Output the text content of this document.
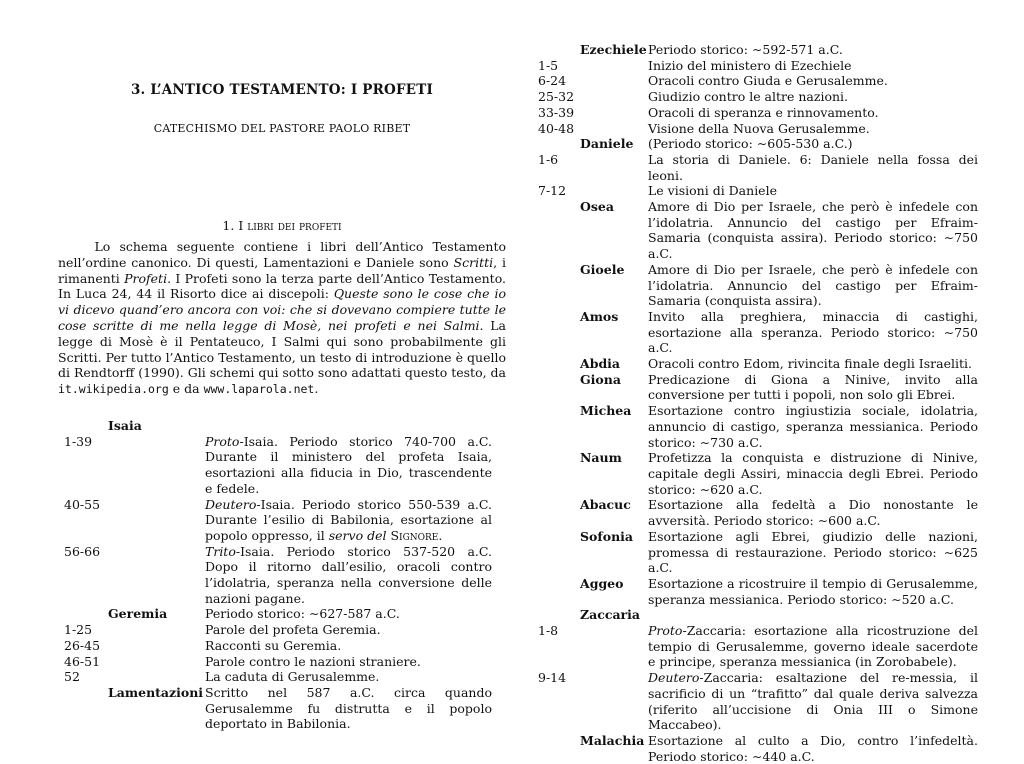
3. L’ANTICO TESTAMENTO: I PROFETI
CATECHISMO DEL PASTORE PAOLO RIBET
1. I libri dei profeti
Lo schema seguente contiene i libri dell’Antico Testamento nell’ordine canonico. Di questi, Lamentazioni e Daniele sono Scritti, i rimanenti Profeti. I Profeti sono la terza parte dell’Antico Testamento. In Luca 24, 44 il Risorto dice ai discepoli: Queste sono le cose che io vi dicevo quand’ero ancora con voi: che si dovevano compiere tutte le cose scritte di me nella legge di Mosè, nei profeti e nei Salmi. La legge di Mosè è il Pentateuco, I Salmi qui sono probabilmente gli Scritti. Per tutto l’Antico Testamento, un testo di introduzione è quello di Rendtorff (1990). Gli schemi qui sotto sono adattati questo testo, da it.wikipedia.org e da www.laparola.net.
	Isaia	
1-39		Proto-Isaia. Periodo storico 740-700 a.C. Durante il ministero del profeta Isaia, esortazioni alla fiducia in Dio, trascendente e fedele.
40-55		Deutero-Isaia. Periodo storico 550-539 a.C. Durante l’esilio di Babilonia, esortazione al popolo oppresso, il servo del Signore.
56-66		Trito-Isaia. Periodo storico 537-520 a.C. Dopo il ritorno dall’esilio, oracoli contro l’idolatria, speranza nella conversione delle nazioni pagane.
	Geremia	Periodo storico: ∼627-587 a.C.
1-25		Parole del profeta Geremia.
26-45		Racconti su Geremia.
46-51		Parole contro le nazioni straniere.
52		La caduta di Gerusalemme.
	Lamentazioni	Scritto nel 587 a.C. circa quando Gerusalemme fu distrutta e il popolo deportato in Babilonia.
	Ezechiele	Periodo storico: ∼592-571 a.C.
1-5		Inizio del ministero di Ezechiele
6-24		Oracoli contro Giuda e Gerusalemme.
25-32		Giudizio contro le altre nazioni.
33-39		Oracoli di speranza e rinnovamento.
40-48		Visione della Nuova Gerusalemme.
	Daniele	(Periodo storico: ∼605-530 a.C.)
1-6		La storia di Daniele. 6: Daniele nella fossa dei leoni.
7-12		Le visioni di Daniele
	Osea	Amore di Dio per Israele, che però è infedele con l’idolatria. Annuncio del castigo per Efraim-Samaria (conquista assira). Periodo storico: ∼750 a.C.
	Gioele	Amore di Dio per Israele, che però è infedele con l’idolatria. Annuncio del castigo per Efraim-Samaria (conquista assira).
	Amos	Invito alla preghiera, minaccia di castighi, esortazione alla speranza. Periodo storico: ∼750 a.C.
	Abdia	Oracoli contro Edom, rivincita finale degli Israeliti.
	Giona	Predicazione di Giona a Ninive, invito alla conversione per tutti i popoli, non solo gli Ebrei.
	Michea	Esortazione contro ingiustizia sociale, idolatria, annuncio di castigo, speranza messianica. Periodo storico: ∼730 a.C.
	Naum	Profetizza la conquista e distruzione di Ninive, capitale degli Assiri, minaccia degli Ebrei. Periodo storico: ∼620 a.C.
	Abacuc	Esortazione alla fedeltà a Dio nonostante le avversità. Periodo storico: ∼600 a.C.
	Sofonia	Esortazione agli Ebrei, giudizio delle nazioni, promessa di restaurazione. Periodo storico: ∼625 a.C.
	Aggeo	Esortazione a ricostruire il tempio di Gerusalemme, speranza messianica. Periodo storico: ∼520 a.C.
	Zaccaria	
1-8		Proto-Zaccaria: esortazione alla ricostruzione del tempio di Gerusalemme, governo ideale sacerdote e principe, speranza messianica (in Zorobabele).
9-14		Deutero-Zaccaria: esaltazione del re-messia, il sacrificio di un “trafitto” dal quale deriva salvezza (riferito all’uccisione di Onia III o Simone Maccabeo).
	Malachia	Esortazione al culto a Dio, contro l’infedeltà. Periodo storico: ∼440 a.C.
